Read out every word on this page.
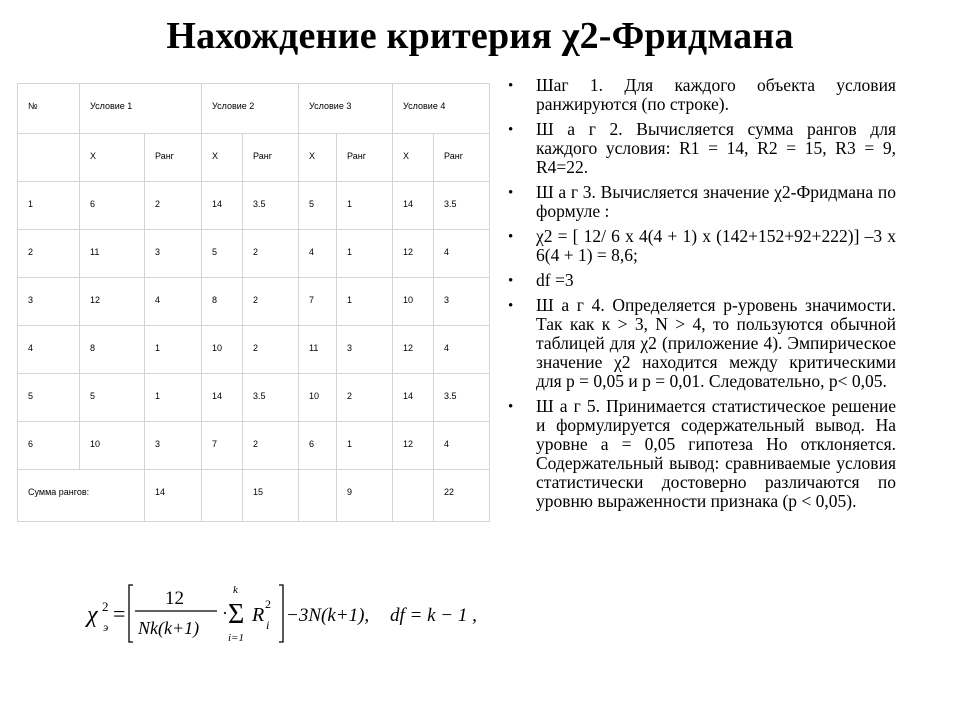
Нахождение критерия χ2-Фридмана
№	Условие 1		Условие 2		Условие 3		Условие 4	
	Х	Ранг	Х	Ранг	Х	Ранг	Х	Ранг
1	6	2	14	3.5	5	1	14	3.5
2	11	3	5	2	4	1	12	4
3	12	4	8	2	7	1	10	3
4	8	1	10	2	11	3	12	4
5	5	1	14	3.5	10	2	14	3.5
6	10	3	7	2	6	1	12	4
Сумма рангов:		14		15		9		22
• Шаг 1. Для каждого объекта условия ранжируются (по строке).
• Ш а г 2. Вычисляется сумма рангов для каждого условия: R1 = 14, R2 = 15, R3 = 9, R4=22.
• Ш а г 3. Вычисляется значение χ2-Фридмана по формуле :
• χ2 = [ 12/ 6 x 4(4 + 1) x (142+152+92+222)] –3 x 6(4 + 1) = 8,6;
• df =3
• Ш а г 4. Определяется р-уровень значимости. Так как к > 3, N > 4, то пользуются обычной таблицей для χ2 (приложение 4). Эмпирическое значение χ2 находится между критическими для р = 0,05 и р = 0,01. Следовательно, р< 0,05.
• Ш а г 5. Принимается статистическое решение и формулируется содержательный вывод. На уровне а = 0,05 гипотеза Но отклоняется. Содержательный вывод: сравниваемые условия статистически достоверно различаются по уровню выраженности признака (р < 0,05).
χ 2
э
=
12
Nk(k+1)
·
k
Σ
i=1
R 2
i −3N(k+1), df = k − 1 ,
